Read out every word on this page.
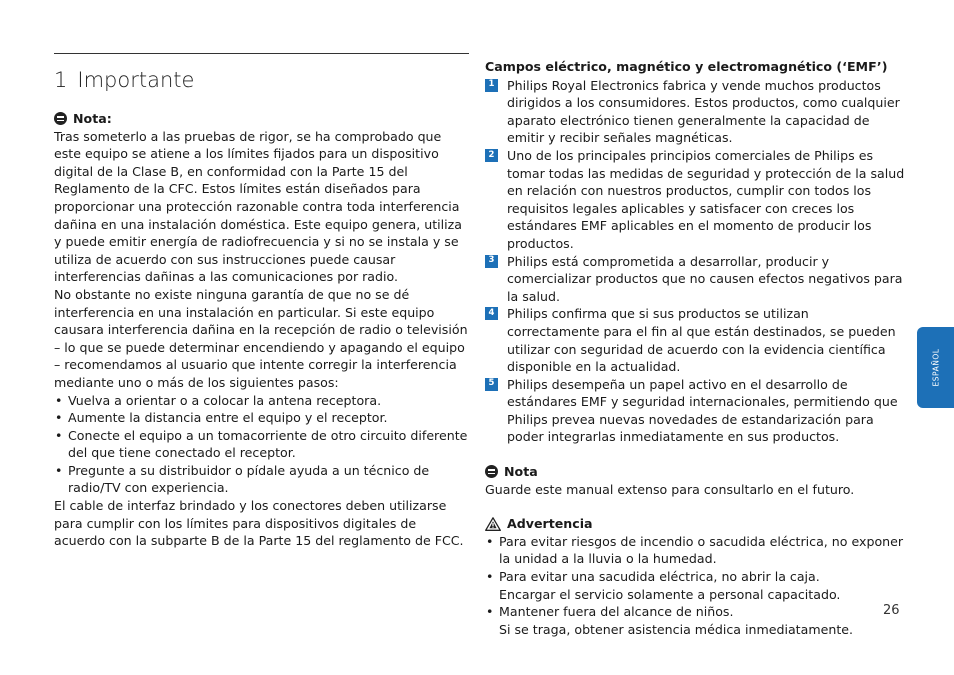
1 Importante
Nota:

Tras someterlo a las pruebas de rigor, se ha comprobado que este equipo se atiene a los límites fijados para un dispositivo digital de la Clase B, en conformidad con la Parte 15 del Reglamento de la CFC. Estos límites están diseñados para proporcionar una protección razonable contra toda interferencia dañina en una instalación doméstica. Este equipo genera, utiliza y puede emitir energía de radiofrecuencia y si no se instala y se utiliza de acuerdo con sus instrucciones puede causar interferencias dañinas a las comunicaciones por radio.

No obstante no existe ninguna garantía de que no se dé interferencia en una instalación en particular. Si este equipo causara interferencia dañina en la recepción de radio o televisión – lo que se puede determinar encendiendo y apagando el equipo – recomendamos al usuario que intente corregir la interferencia mediante uno o más de los siguientes pasos:

• Vuelva a orientar o a colocar la antena receptora.
• Aumente la distancia entre el equipo y el receptor.
• Conecte el equipo a un tomacorriente de otro circuito diferente del que tiene conectado el receptor.
• Pregunte a su distribuidor o pídale ayuda a un técnico de radio/TV con experiencia.

El cable de interfaz brindado y los conectores deben utilizarse para cumplir con los límites para dispositivos digitales de acuerdo con la subparte B de la Parte 15 del reglamento de FCC.

Campos eléctrico, magnético y electromagnético (‘EMF’)
1 Philips Royal Electronics fabrica y vende muchos productos dirigidos a los consumidores. Estos productos, como cualquier aparato electrónico tienen generalmente la capacidad de emitir y recibir señales magnéticas.
2 Uno de los principales principios comerciales de Philips es tomar todas las medidas de seguridad y protección de la salud en relación con nuestros productos, cumplir con todos los requisitos legales aplicables y satisfacer con creces los estándares EMF aplicables en el momento de producir los productos.
3 Philips está comprometida a desarrollar, producir y comercializar productos que no causen efectos negativos para la salud.
4 Philips confirma que si sus productos se utilizan correctamente para el fin al que están destinados, se pueden utilizar con seguridad de acuerdo con la evidencia científica disponible en la actualidad.
5 Philips desempeña un papel activo en el desarrollo de estándares EMF y seguridad internacionales, permitiendo que Philips prevea nuevas novedades de estandarización para poder integrarlas inmediatamente en sus productos.
Nota

Guarde este manual extenso para consultarlo en el futuro.

Advertencia
• Para evitar riesgos de incendio o sacudida eléctrica, no exponer la unidad a la lluvia o la humedad.
• Para evitar una sacudida eléctrica, no abrir la caja.
Encargar el servicio solamente a personal capacitado.
• Mantener fuera del alcance de niños.
Si se traga, obtener asistencia médica inmediatamente.
ESPAÑOL
26
